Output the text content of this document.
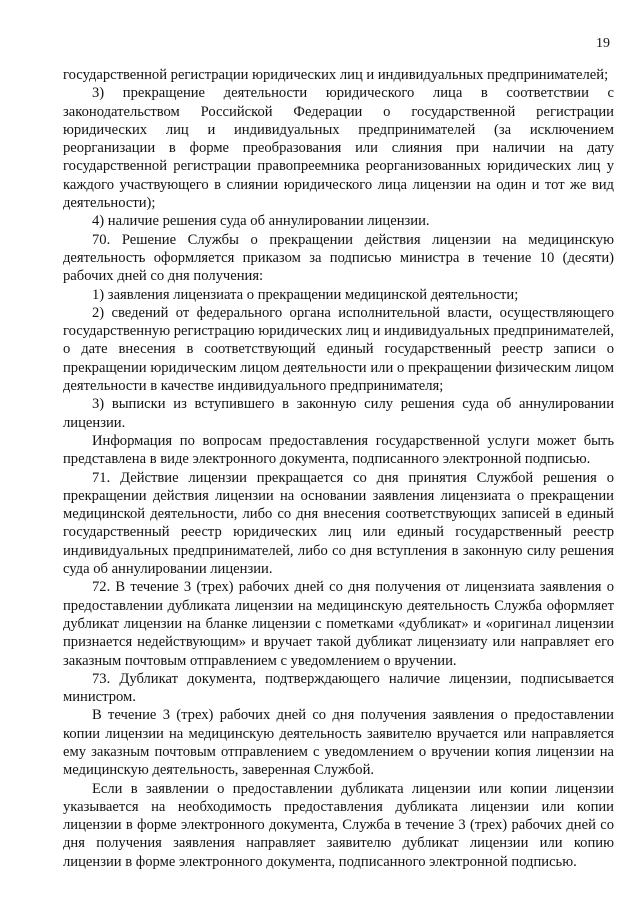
19

государственной регистрации юридических лиц и индивидуальных предпринимателей;

3) прекращение деятельности юридического лица в соответствии с законодательством Российской Федерации о государственной регистрации юридических лиц и индивидуальных предпринимателей (за исключением реорганизации в форме преобразования или слияния при наличии на дату государственной регистрации правопреемника реорганизованных юридических лиц у каждого участвующего в слиянии юридического лица лицензии на один и тот же вид деятельности);

4) наличие решения суда об аннулировании лицензии.

70. Решение Службы о прекращении действия лицензии на медицинскую деятельность оформляется приказом за подписью министра в течение 10 (десяти) рабочих дней со дня получения:

1) заявления лицензиата о прекращении медицинской деятельности;

2) сведений от федерального органа исполнительной власти, осуществляющего государственную регистрацию юридических лиц и индивидуальных предпринимателей, о дате внесения в соответствующий единый государственный реестр записи о прекращении юридическим лицом деятельности или о прекращении физическим лицом деятельности в качестве индивидуального предпринимателя;

3) выписки из вступившего в законную силу решения суда об аннулировании лицензии.

Информация по вопросам предоставления государственной услуги может быть представлена в виде электронного документа, подписанного электронной подписью.

71. Действие лицензии прекращается со дня принятия Службой решения о прекращении действия лицензии на основании заявления лицензиата о прекращении медицинской деятельности, либо со дня внесения соответствующих записей в единый государственный реестр юридических лиц или единый государственный реестр индивидуальных предпринимателей, либо со дня вступления в законную силу решения суда об аннулировании лицензии.

72. В течение 3 (трех) рабочих дней со дня получения от лицензиата заявления о предоставлении дубликата лицензии на медицинскую деятельность Служба оформляет дубликат лицензии на бланке лицензии с пометками «дубликат» и «оригинал лицензии признается недействующим» и вручает такой дубликат лицензиату или направляет его заказным почтовым отправлением с уведомлением о вручении.

73. Дубликат документа, подтверждающего наличие лицензии, подписывается министром.

В течение 3 (трех) рабочих дней со дня получения заявления о предоставлении копии лицензии на медицинскую деятельность заявителю вручается или направляется ему заказным почтовым отправлением с уведомлением о вручении копия лицензии на медицинскую деятельность, заверенная Службой.

Если в заявлении о предоставлении дубликата лицензии или копии лицензии указывается на необходимость предоставления дубликата лицензии или копии лицензии в форме электронного документа, Служба в течение 3 (трех) рабочих дней со дня получения заявления направляет заявителю дубликат лицензии или копию лицензии в форме электронного документа, подписанного электронной подписью.
